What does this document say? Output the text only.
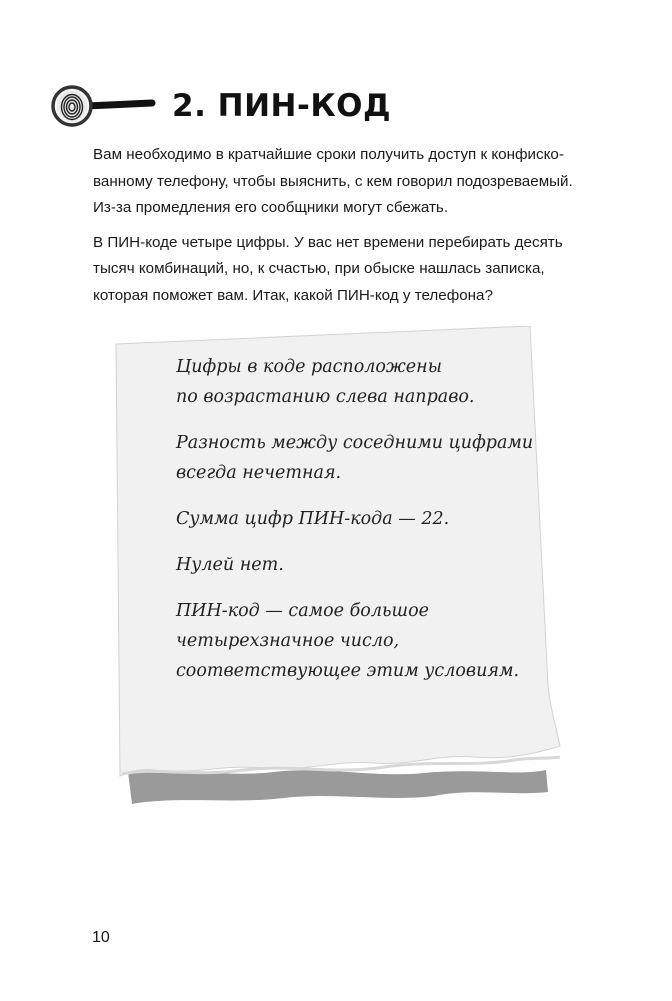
2. ПИН-КОД

Вам необходимо в кратчайшие сроки получить доступ к конфиско-
ванному телефону, чтобы выяснить, с кем говорил подозреваемый.
Из-за промедления его сообщники могут сбежать.

В ПИН-коде четыре цифры. У вас нет времени перебирать десять
тысяч комбинаций, но, к счастью, при обыске нашлась записка,
которая поможет вам. Итак, какой ПИН-код у телефона?

Цифры в коде расположены
по возрастанию слева направо.
Разность между соседними цифрами
всегда нечетная.
Сумма цифр ПИН-кода — 22.
Нулей нет.
ПИН-код — самое большое
четырехзначное число,
соответствующее этим условиям.
10
